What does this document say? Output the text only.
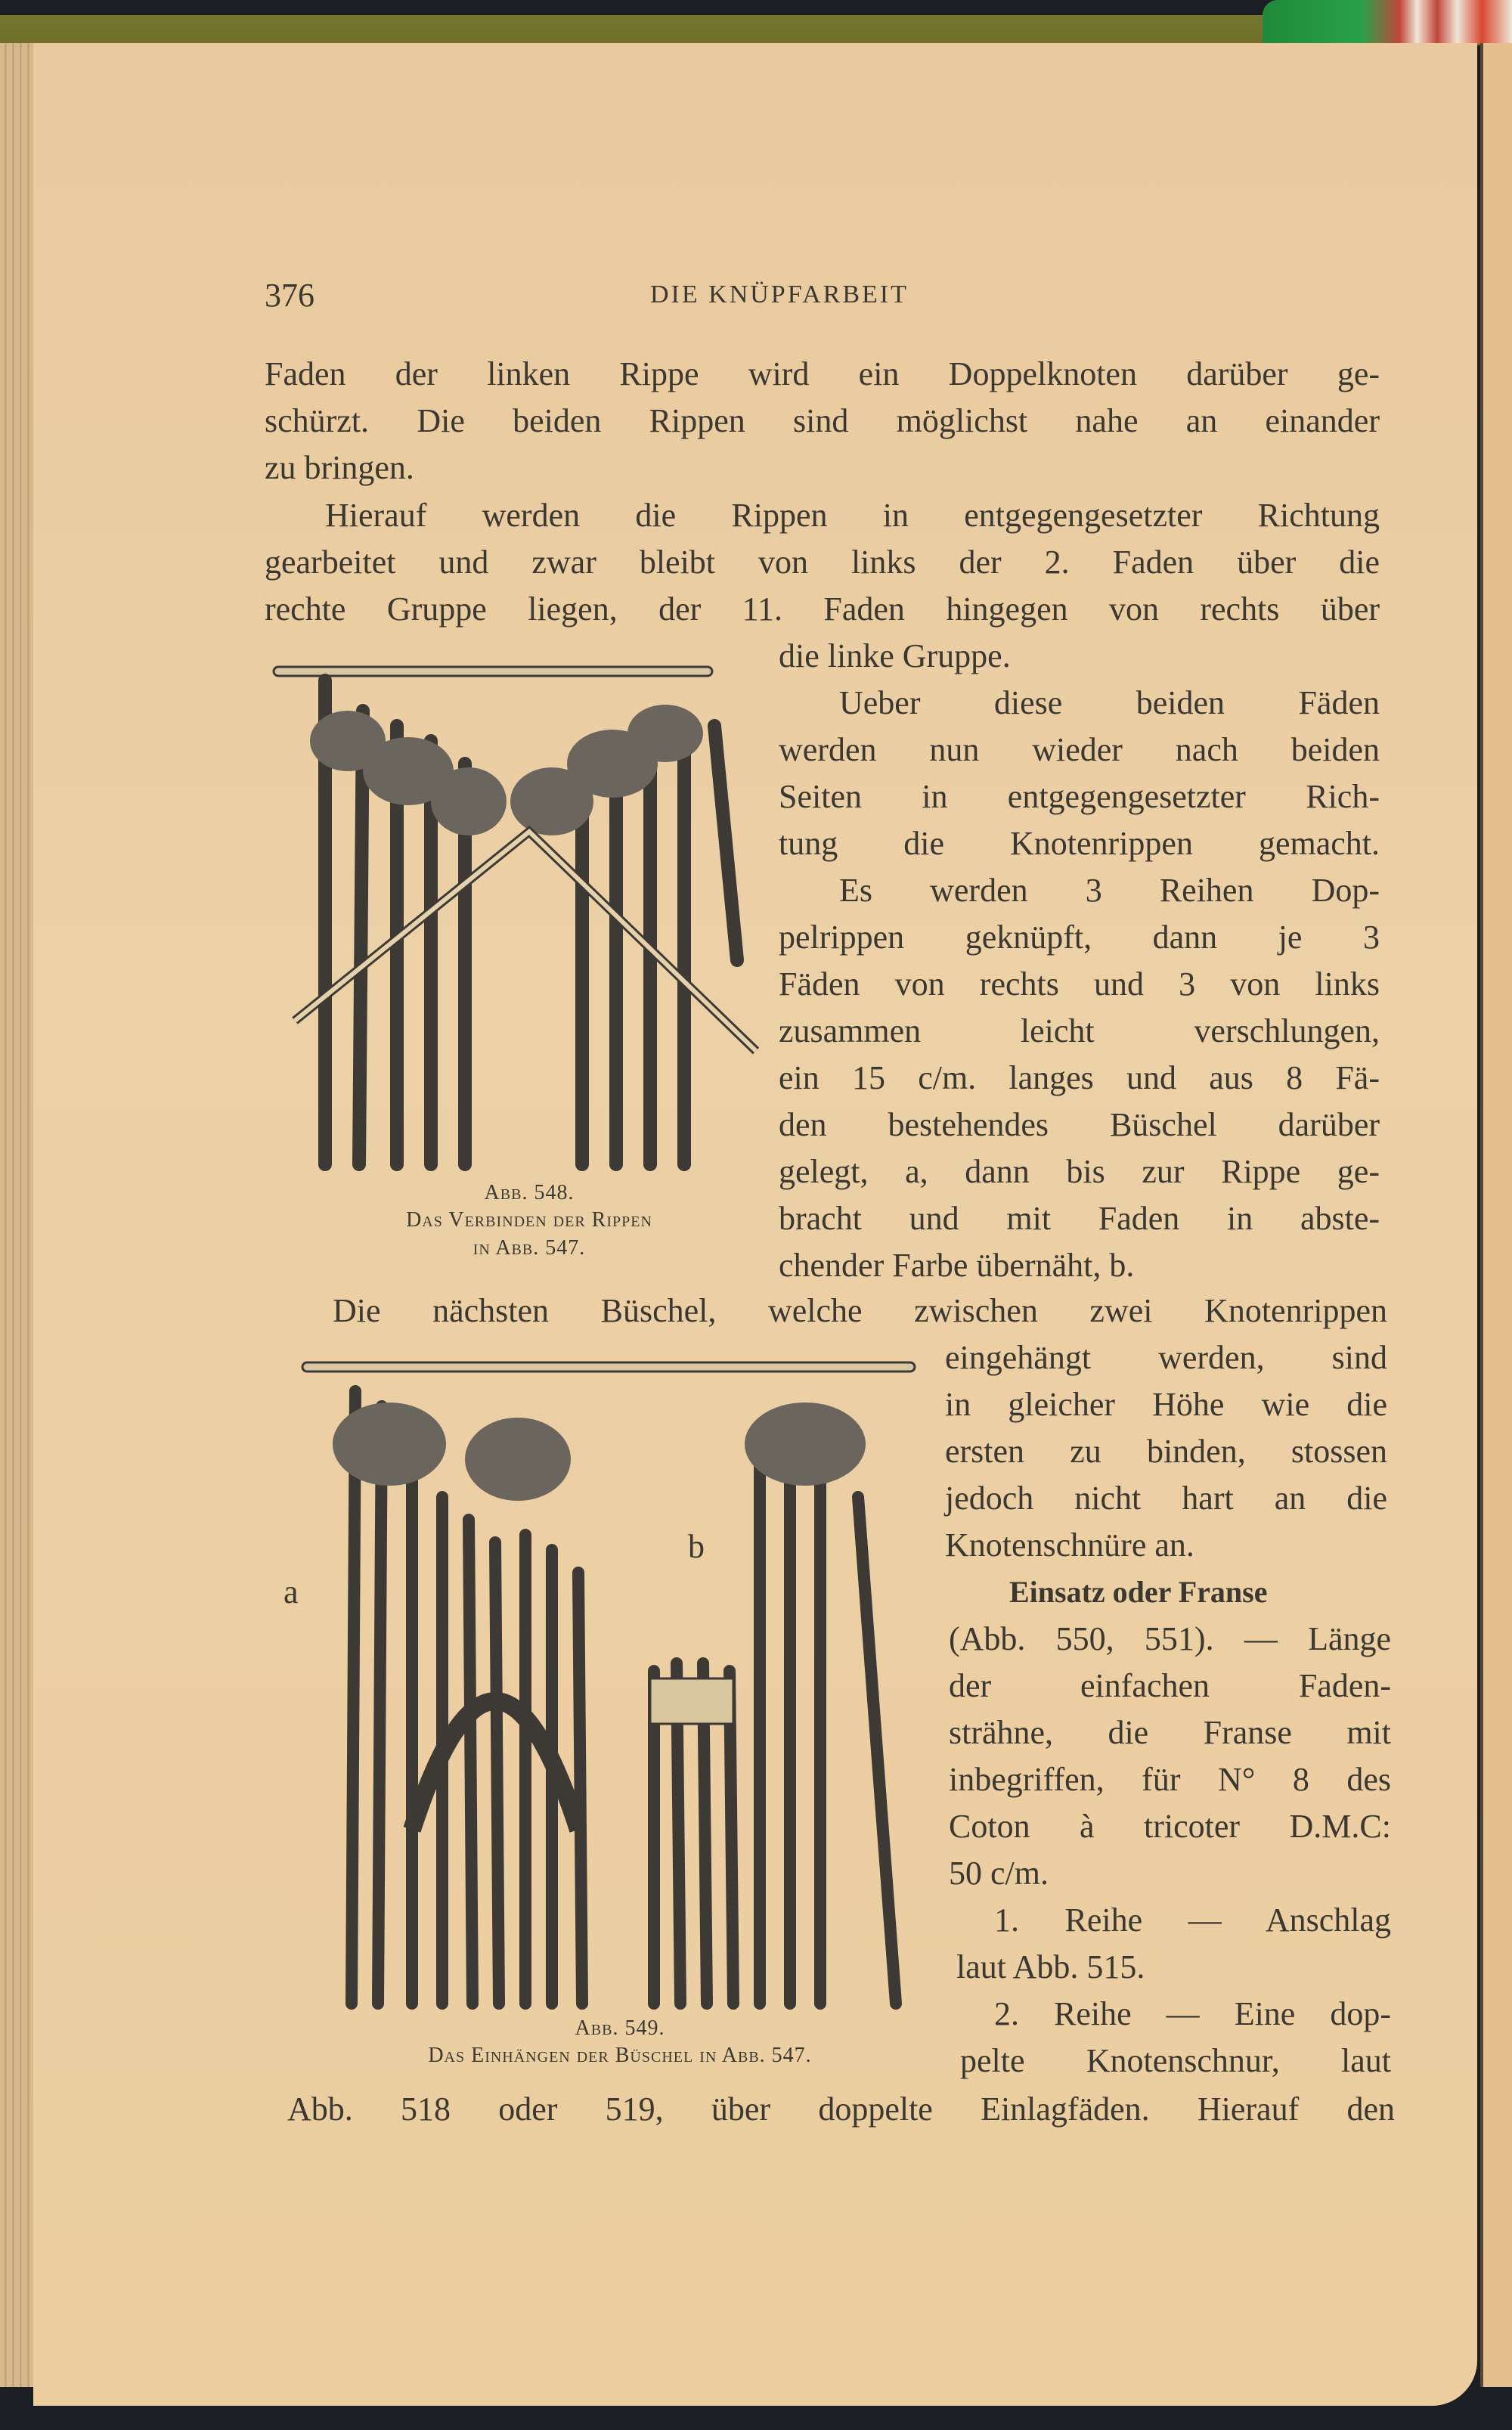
376	DIE KNÜPFARBEIT
Faden der linken Rippe wird ein Doppelknoten darüber ge-
schürzt. Die beiden Rippen sind möglichst nahe an einander
zu bringen.
Hierauf werden die Rippen in entgegengesetzter Richtung
gearbeitet und zwar bleibt von links der 2. Faden über die
rechte Gruppe liegen, der 11. Faden hingegen von rechts über
die linke Gruppe.
Ueber diese beiden Fäden
werden nun wieder nach beiden
Seiten in entgegengesetzter Rich-
tung die Knotenrippen gemacht.
Es werden 3 Reihen Dop-
pelrippen geknüpft, dann je 3
Fäden von rechts und 3 von links
zusammen leicht verschlungen,
ein 15 c/m. langes und aus 8 Fä-
den bestehendes Büschel darüber
gelegt, a, dann bis zur Rippe ge-
bracht und mit Faden in abste-
chender Farbe übernäht, b.
Abb. 548.
Das Verbinden der Rippen
in Abb. 547.
Die nächsten Büschel, welche zwischen zwei Knotenrippen
eingehängt werden, sind
in gleicher Höhe wie die
ersten zu binden, stossen
jedoch nicht hart an die
Knotenschnüre an.
Einsatz oder Franse
(Abb. 550, 551). — Länge
der einfachen Faden-
strähne, die Franse mit
inbegriffen, für N° 8 des
Coton à tricoter D.M.C:
50 c/m.
1. Reihe — Anschlag
laut Abb. 515.
2. Reihe — Eine dop-
pelte Knotenschnur, laut
Abb. 518 oder 519, über doppelte Einlagfäden. Hierauf den
a
b
Abb. 549.
Das Einhängen der Büschel in Abb. 547.
